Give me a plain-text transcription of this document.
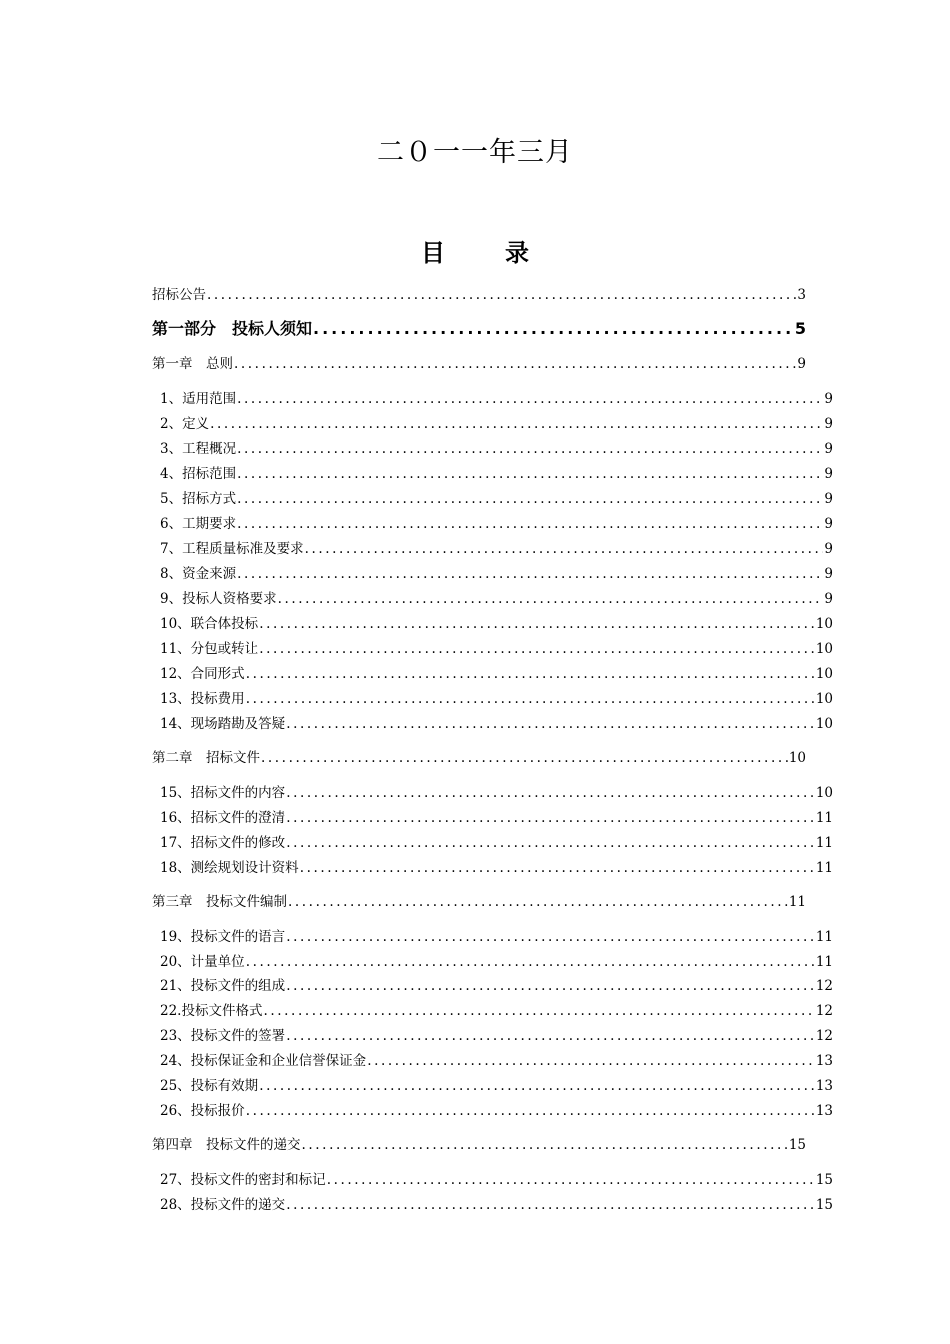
二０一一年三月
目	录
招标公告 .....	3
第一部分　投标人须知 .....	5
第一章　总则 .....	9
1、适用范围 .....	9
2、定义 .....	9
3、工程概况 .....	9
4、招标范围 .....	9
5、招标方式 .....	9
6、工期要求 .....	9
7、工程质量标准及要求 .....	9
8、资金来源 .....	9
9、投标人资格要求 .....	9
10、联合体投标 .....	10
11、分包或转让 .....	10
12、合同形式 .....	10
13、投标费用 .....	10
14、现场踏勘及答疑 .....	10
第二章　招标文件 .....	10
15、招标文件的内容 .....	10
16、招标文件的澄清 .....	11
17、招标文件的修改 .....	11
18、测绘规划设计资料 .....	11
第三章　投标文件编制 .....	11
19、投标文件的语言 .....	11
20、计量单位 .....	11
21、投标文件的组成 .....	12
22.投标文件格式 .....	12
23、投标文件的签署 .....	12
24、投标保证金和企业信誉保证金 .....	13
25、投标有效期 .....	13
26、投标报价 .....	13
第四章　投标文件的递交 .....	15
27、投标文件的密封和标记 .....	15
28、投标文件的递交 .....	15
